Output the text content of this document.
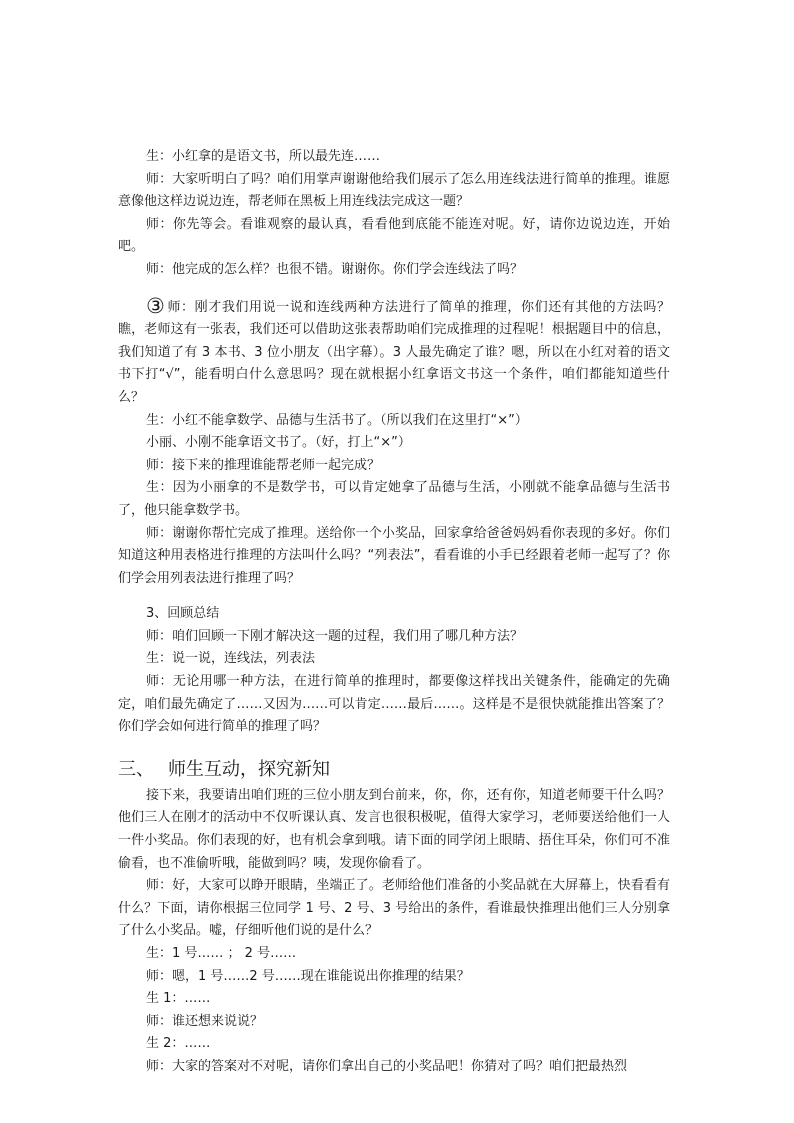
生：小红拿的是语文书，所以最先连……

师：大家听明白了吗？咱们用掌声谢谢他给我们展示了怎么用连线法进行简单的推理。谁愿意像他这样边说边连，帮老师在黑板上用连线法完成这一题？

师：你先等会。看谁观察的最认真，看看他到底能不能连对呢。好，请你边说边连，开始吧。

师：他完成的怎么样？也很不错。谢谢你。你们学会连线法了吗？

③ 师：刚才我们用说一说和连线两种方法进行了简单的推理，你们还有其他的方法吗？瞧，老师这有一张表，我们还可以借助这张表帮助咱们完成推理的过程呢！根据题目中的信息，我们知道了有 3 本书、3 位小朋友（出字幕）。3 人最先确定了谁？嗯，所以在小红对着的语文书下打“√”，能看明白什么意思吗？现在就根据小红拿语文书这一个条件，咱们都能知道些什么？

生：小红不能拿数学、品德与生活书了。（所以我们在这里打“×”）

小丽、小刚不能拿语文书了。（好，打上“×”）

师：接下来的推理谁能帮老师一起完成？

生：因为小丽拿的不是数学书，可以肯定她拿了品德与生活，小刚就不能拿品德与生活书了，他只能拿数学书。

师：谢谢你帮忙完成了推理。送给你一个小奖品，回家拿给爸爸妈妈看你表现的多好。你们知道这种用表格进行推理的方法叫什么吗？“列表法”，看看谁的小手已经跟着老师一起写了？你们学会用列表法进行推理了吗？

3、回顾总结

师：咱们回顾一下刚才解决这一题的过程，我们用了哪几种方法？

生：说一说，连线法，列表法

师：无论用哪一种方法，在进行简单的推理时，都要像这样找出关键条件，能确定的先确定，咱们最先确定了……又因为……可以肯定……最后……。这样是不是很快就能推出答案了？你们学会如何进行简单的推理了吗？

三、 师生互动，探究新知

接下来，我要请出咱们班的三位小朋友到台前来，你，你，还有你，知道老师要干什么吗？他们三人在刚才的活动中不仅听课认真、发言也很积极呢，值得大家学习，老师要送给他们一人一件小奖品。你们表现的好，也有机会拿到哦。请下面的同学闭上眼睛、捂住耳朵，你们可不准偷看，也不准偷听哦，能做到吗？咦，发现你偷看了。

师：好，大家可以睁开眼睛，坐端正了。老师给他们准备的小奖品就在大屏幕上，快看看有什么？下面，请你根据三位同学 1 号、2 号、3 号给出的条件，看谁最快推理出他们三人分别拿了什么小奖品。嘘，仔细听他们说的是什么？

生：1 号…… ； 2 号……

师：嗯，1 号……2 号……现在谁能说出你推理的结果？

生 1：……

师：谁还想来说说？

生 2：……

师：大家的答案对不对呢，请你们拿出自己的小奖品吧！你猜对了吗？咱们把最热烈
